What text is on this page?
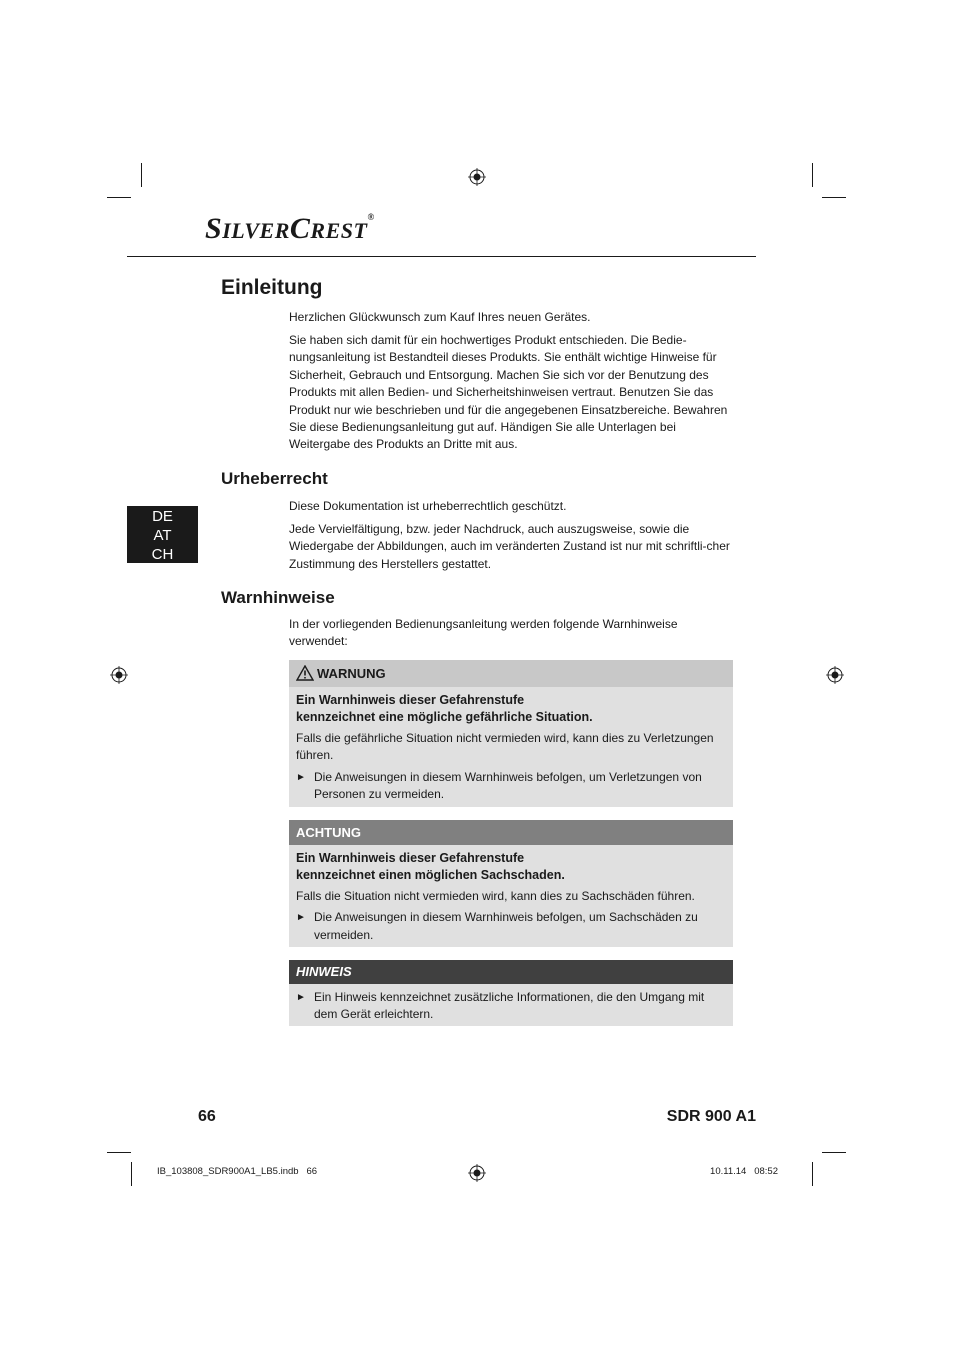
SILVERCREST®
Einleitung

Herzlichen Glückwunsch zum Kauf Ihres neuen Gerätes.

Sie haben sich damit für ein hochwertiges Produkt entschieden. Die Bedie-nungsanleitung ist Bestandteil dieses Produkts. Sie enthält wichtige Hinweise für Sicherheit, Gebrauch und Entsorgung. Machen Sie sich vor der Benutzung des Produkts mit allen Bedien- und Sicherheitshinweisen vertraut. Benutzen Sie das Produkt nur wie beschrieben und für die angegebenen Einsatzbereiche. Bewahren Sie diese Bedienungsanleitung gut auf. Händigen Sie alle Unterlagen bei Weitergabe des Produkts an Dritte mit aus.

Urheberrecht

Diese Dokumentation ist urheberrechtlich geschützt.

Jede Vervielfältigung, bzw. jeder Nachdruck, auch auszugsweise, sowie die Wiedergabe der Abbildungen, auch im veränderten Zustand ist nur mit schriftli-cher Zustimmung des Herstellers gestattet.

DE
AT
CH
Warnhinweise

In der vorliegenden Bedienungsanleitung werden folgende Warnhinweise verwendet:

WARNUNG

Ein Warnhinweis dieser Gefahrenstufe
kennzeichnet eine mögliche gefährliche Situation.

Falls die gefährliche Situation nicht vermieden wird, kann dies zu Verletzungen führen.

► Die Anweisungen in diesem Warnhinweis befolgen, um Verletzungen von Personen zu vermeiden.
ACHTUNG

Ein Warnhinweis dieser Gefahrenstufe
kennzeichnet einen möglichen Sachschaden.

Falls die Situation nicht vermieden wird, kann dies zu Sachschäden führen.

► Die Anweisungen in diesem Warnhinweis befolgen, um Sachschäden zu vermeiden.
HINWEIS
► Ein Hinweis kennzeichnet zusätzliche Informationen, die den Umgang mit dem Gerät erleichtern.
66	SDR 900 A1
IB_103808_SDR900A1_LB5.indb   66	10.11.14   08:52
